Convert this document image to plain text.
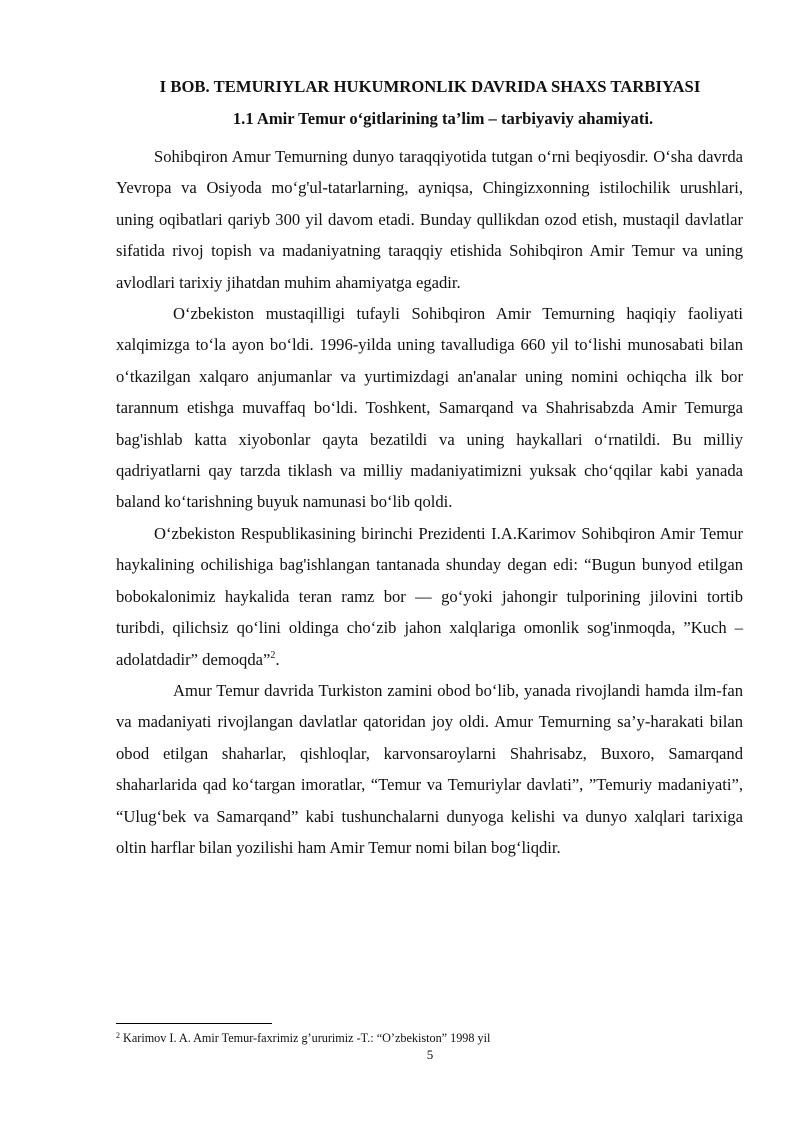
I BOB. TEMURIYLAR HUKUMRONLIK DAVRIDA SHAXS TARBIYASI
1.1 Amir Temur o‘gitlarining ta’lim – tarbiyaviy ahamiyati.

Sohibqiron Amur Temurning dunyo taraqqiyotida tutgan o‘rni beqiyosdir. O‘sha davrda Yevropa va Osiyoda mo‘g'ul-tatarlarning, ayniqsa, Chingizxonning istilochilik urushlari, uning oqibatlari qariyb 300 yil davom etadi. Bunday qullikdan ozod etish, mustaqil davlatlar sifatida rivoj topish va madaniyatning taraqqiy etishida Sohibqiron Amir Temur va uning avlodlari tarixiy jihatdan muhim ahamiyatga egadir.

O‘zbekiston mustaqilligi tufayli Sohibqiron Amir Temurning haqiqiy faoliyati xalqimizga to‘la ayon bo‘ldi. 1996-yilda uning tavalludiga 660 yil to‘lishi munosabati bilan o‘tkazilgan xalqaro anjumanlar va yurtimizdagi an'analar uning nomini ochiqcha ilk bor tarannum etishga muvaffaq bo‘ldi. Toshkent, Samarqand va Shahrisabzda Amir Temurga bag'ishlab katta xiyobonlar qayta bezatildi va uning haykallari o‘rnatildi. Bu milliy qadriyatlarni qay tarzda tiklash va milliy madaniyatimizni yuksak cho‘qqilar kabi yanada baland ko‘tarishning buyuk namunasi bo‘lib qoldi.

O‘zbekiston Respublikasining birinchi Prezidenti I.A.Karimov Sohibqiron Amir Temur haykalining ochilishiga bag'ishlangan tantanada shunday degan edi: “Bugun bunyod etilgan bobokalonimiz haykalida teran ramz bor — go‘yoki jahongir tulporining jilovini tortib turibdi, qilichsiz qo‘lini oldinga cho‘zib jahon xalqlariga omonlik sog'inmoqda, ”Kuch – adolatdadir” demoqda”$^2$.

Amur Temur davrida Turkiston zamini obod bo‘lib, yanada rivojlandi hamda ilm-fan va madaniyati rivojlangan davlatlar qatoridan joy oldi. Amur Temurning sa’y-harakati bilan obod etilgan shaharlar, qishloqlar, karvonsaroylarni Shahrisabz, Buxoro, Samarqand shaharlarida qad ko‘targan imoratlar, “Temur va Temuriylar davlati”, ”Temuriy madaniyati”, “Ulug‘bek va Samarqand” kabi tushunchalarni dunyoga kelishi va dunyo xalqlari tarixiga oltin harflar bilan yozilishi ham Amir Temur nomi bilan bog‘liqdir.

$^2$ Karimov I. A. Amir Temur-faxrimiz g’ururimiz -T.: “O’zbekiston” 1998 yil
5
